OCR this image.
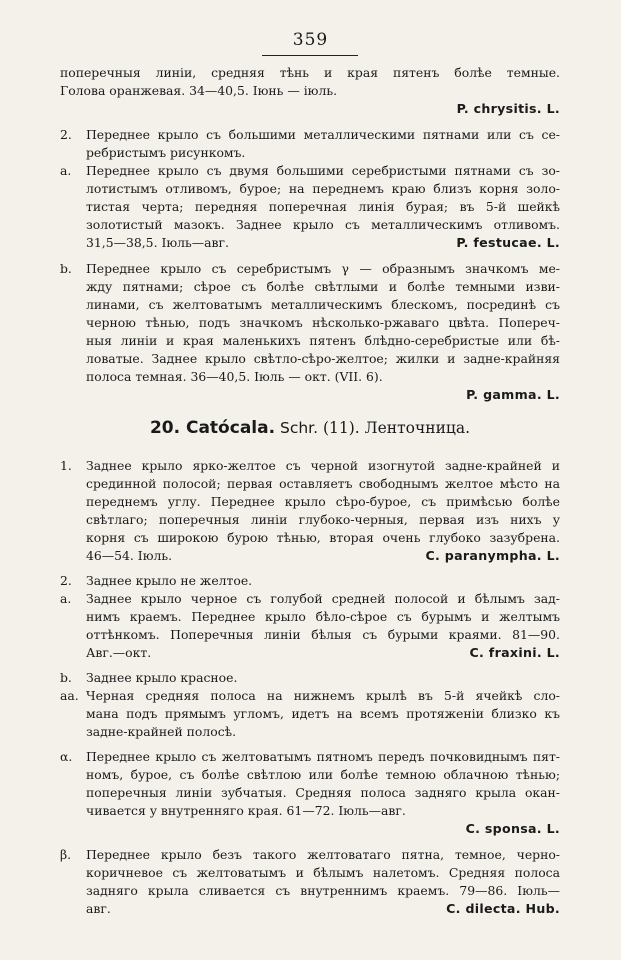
359
поперечныя линіи, средняя тѣнь и края пятенъ болѣе темные.
Голова оранжевая. 34—40,5. Іюнь — іюль.
P. chrysitis. L.
2. Переднее крыло съ большими металлическими пятнами или съ се-
ребристымъ рисункомъ.
a. Переднее крыло съ двумя большими серебристыми пятнами съ зо-
лотистымъ отливомъ, бурое; на переднемъ краю близъ корня золо-
тистая черта; передняя поперечная линія бурая; въ 5-й шейкѣ
золотистый мазокъ. Заднее крыло съ металлическимъ отливомъ.
31,5—38,5. Іюль—авг.	P. festucae. L.
b. Переднее крыло съ серебристымъ γ — образнымъ значкомъ ме-
жду пятнами; сѣрое съ болѣе свѣтлыми и болѣе темными изви-
линами, съ желтоватымъ металлическимъ блескомъ, посрединѣ съ
черною тѣнью, подъ значкомъ нѣсколько-ржаваго цвѣта. Попереч-
ныя линіи и края маленькихъ пятенъ блѣдно-серебристые или бѣ-
ловатые. Заднее крыло свѣтло-сѣро-желтое; жилки и задне-крайняя
полоса темная. 36—40,5. Іюль — окт. (VII. 6).
P. gamma. L.
20. Catócala. Schr. (11). Ленточница.
1. Заднее крыло ярко-желтое съ черной изогнутой задне-крайней и
срединной полосой; первая оставляетъ свободнымъ желтое мѣсто на
переднемъ углу. Переднее крыло сѣро-бурое, съ примѣсью болѣе
свѣтлаго; поперечныя линіи глубоко-черныя, первая изъ нихъ у
корня съ широкою бурою тѣнью, вторая очень глубоко зазубрена.
46—54. Іюль.	C. paranympha. L.
2. Заднее крыло не желтое.
a. Заднее крыло черное съ голубой средней полосой и бѣлымъ зад-
нимъ краемъ. Переднее крыло бѣло-сѣрое съ бурымъ и желтымъ
оттѣнкомъ. Поперечныя линіи бѣлыя съ бурыми краями. 81—90.
Авг.—окт.	C. fraxini. L.
b. Заднее крыло красное.
aa. Черная средняя полоса на нижнемъ крылѣ въ 5-й ячейкѣ сло-
мана подъ прямымъ угломъ, идетъ на всемъ протяженіи близко къ
задне-крайней полосѣ.
α. Переднее крыло съ желтоватымъ пятномъ передъ почковиднымъ пят-
номъ, бурое, съ болѣе свѣтлою или болѣе темною облачною тѣнью;
поперечныя линіи зубчатыя. Средняя полоса задняго крыла окан-
чивается у внутренняго края. 61—72. Іюль—авг.
C. sponsa. L.
β. Переднее крыло безъ такого желтоватаго пятна, темное, черно-
коричневое съ желтоватымъ и бѣлымъ налетомъ. Средняя полоса
задняго крыла сливается съ внутреннимъ краемъ. 79—86. Іюль—
авг.	C. dilecta. Hub.
